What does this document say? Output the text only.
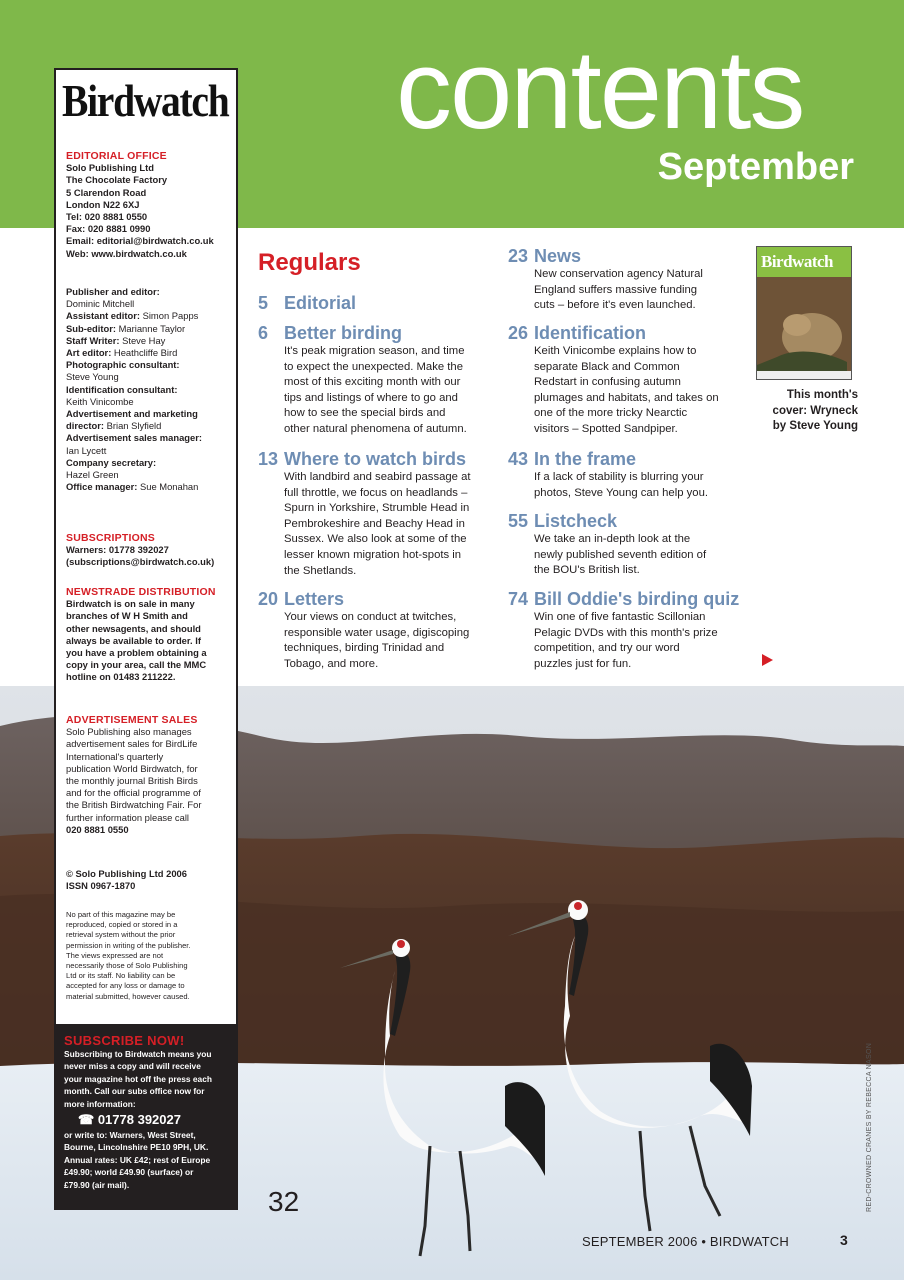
contents
September
Birdwatch
EDITORIAL OFFICE
Solo Publishing Ltd
The Chocolate Factory
5 Clarendon Road
London N22 6XJ
Tel: 020 8881 0550
Fax: 020 8881 0990
Email: editorial@birdwatch.co.uk
Web: www.birdwatch.co.uk
Publisher and editor:
Dominic Mitchell
Assistant editor: Simon Papps
Sub-editor: Marianne Taylor
Staff Writer: Steve Hay
Art editor: Heathcliffe Bird
Photographic consultant:
Steve Young
Identification consultant:
Keith Vinicombe
Advertisement and marketing director: Brian Slyfield
Advertisement sales manager:
Ian Lycett
Company secretary:
Hazel Green
Office manager: Sue Monahan
SUBSCRIPTIONS
Warners: 01778 392027
(subscriptions@birdwatch.co.uk)
NEWSTRADE DISTRIBUTION
Birdwatch is on sale in many
branches of W H Smith and
other newsagents, and should
always be available to order. If
you have a problem obtaining a
copy in your area, call the MMC
hotline on 01483 211222.
ADVERTISEMENT SALES
Solo Publishing also manages
advertisement sales for BirdLife
International's quarterly
publication World Birdwatch, for
the monthly journal British Birds
and for the official programme of
the British Birdwatching Fair. For
further information please call
020 8881 0550
© Solo Publishing Ltd 2006
ISSN 0967-1870
No part of this magazine may be
reproduced, copied or stored in a
retrieval system without the prior
permission in writing of the publisher.
The views expressed are not
necessarily those of Solo Publishing
Ltd or its staff. No liability can be
accepted for any loss or damage to
material submitted, however caused.
SUBSCRIBE NOW!
Subscribing to Birdwatch means you
never miss a copy and will receive
your magazine hot off the press each
month. Call our subs office now for
more information:
☎ 01778 392027
or write to: Warners, West Street,
Bourne, Lincolnshire PE10 9PH, UK.
Annual rates: UK £42; rest of Europe
£49.90; world £49.90 (surface) or
£79.90 (air mail).
Regulars
5 Editorial
6 Better birding
It's peak migration season, and time
to expect the unexpected. Make the
most of this exciting month with our
tips and listings of where to go and
how to see the special birds and
other natural phenomena of autumn.
13 Where to watch birds
With landbird and seabird passage at
full throttle, we focus on headlands –
Spurn in Yorkshire, Strumble Head in
Pembrokeshire and Beachy Head in
Sussex. We also look at some of the
lesser known migration hot-spots in
the Shetlands.
20 Letters
Your views on conduct at twitches,
responsible water usage, digiscoping
techniques, birding Trinidad and
Tobago, and more.
23 News
New conservation agency Natural
England suffers massive funding
cuts – before it's even launched.
26 Identification
Keith Vinicombe explains how to
separate Black and Common
Redstart in confusing autumn
plumages and habitats, and takes on
one of the more tricky Nearctic
visitors – Spotted Sandpiper.
43 In the frame
If a lack of stability is blurring your
photos, Steve Young can help you.
55 Listcheck
We take an in-depth look at the
newly published seventh edition of
the BOU's British list.
74 Bill Oddie's birding quiz
Win one of five fantastic Scillonian
Pelagic DVDs with this month's prize
competition, and try our word
puzzles just for fun.
Birdwatch
This month's
cover: Wryneck
by Steve Young
32	RED-CROWNED CRANES BY REBECCA NASON
SEPTEMBER 2006 • BIRDWATCH	3
